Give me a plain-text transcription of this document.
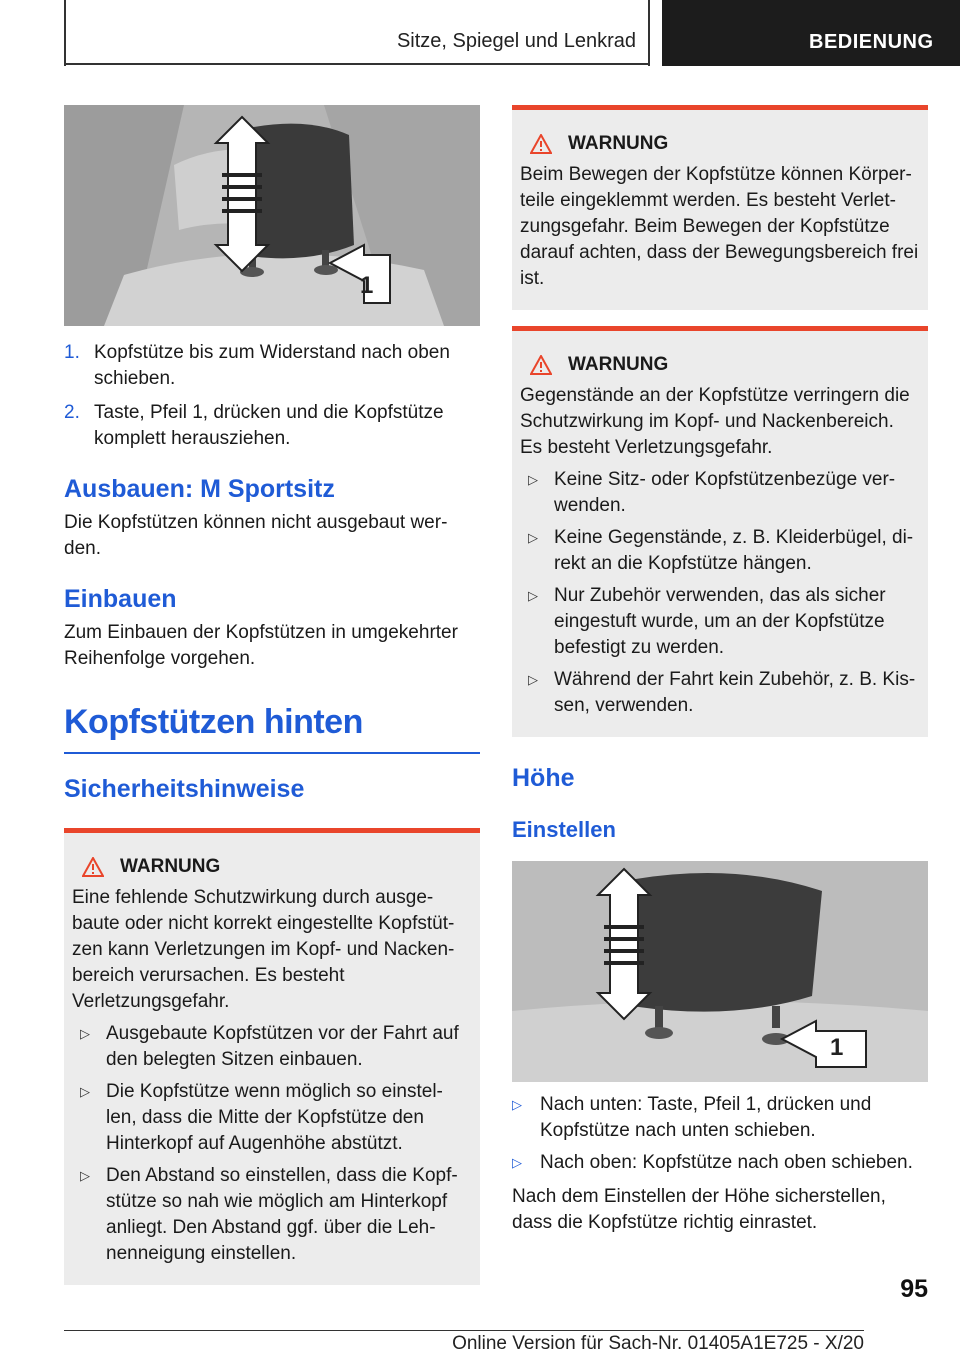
Sitze, Spiegel und Lenkrad	BEDIENUNG
1
1. Kopfstütze bis zum Widerstand nach oben schieben.
2. Taste, Pfeil 1, drücken und die Kopfstütze komplett herausziehen.
Ausbauen: M Sportsitz

Die Kopfstützen können nicht ausgebaut wer-den.

Einbauen

Zum Einbauen der Kopfstützen in umgekehrter Reihenfolge vorgehen.

Kopfstützen hinten
Sicherheitshinweise
WARNUNG

Eine fehlende Schutzwirkung durch ausge-baute oder nicht korrekt eingestellte Kopfstüt-zen kann Verletzungen im Kopf- und Nacken-bereich verursachen. Es besteht Verletzungsgefahr.

▷ Ausgebaute Kopfstützen vor der Fahrt auf den belegten Sitzen einbauen.
▷ Die Kopfstütze wenn möglich so einstel-len, dass die Mitte der Kopfstütze den Hinterkopf auf Augenhöhe abstützt.
▷ Den Abstand so einstellen, dass die Kopf-stütze so nah wie möglich am Hinterkopf anliegt. Den Abstand ggf. über die Leh-nenneigung einstellen.
WARNUNG

Beim Bewegen der Kopfstütze können Körper-teile eingeklemmt werden. Es besteht Verlet-zungsgefahr. Beim Bewegen der Kopfstütze darauf achten, dass der Bewegungsbereich frei ist.

WARNUNG

Gegenstände an der Kopfstütze verringern die Schutzwirkung im Kopf- und Nackenbereich. Es besteht Verletzungsgefahr.

▷ Keine Sitz- oder Kopfstützenbezüge ver-wenden.
▷ Keine Gegenstände, z. B. Kleiderbügel, di-rekt an die Kopfstütze hängen.
▷ Nur Zubehör verwenden, das als sicher eingestuft wurde, um an der Kopfstütze befestigt zu werden.
▷ Während der Fahrt kein Zubehör, z. B. Kis-sen, verwenden.
Höhe
Einstellen
1
▷ Nach unten: Taste, Pfeil 1, drücken und Kopfstütze nach unten schieben.
▷ Nach oben: Kopfstütze nach oben schieben.

Nach dem Einstellen der Höhe sicherstellen, dass die Kopfstütze richtig einrastet.

95
Online Version für Sach-Nr. 01405A1E725 - X/20
